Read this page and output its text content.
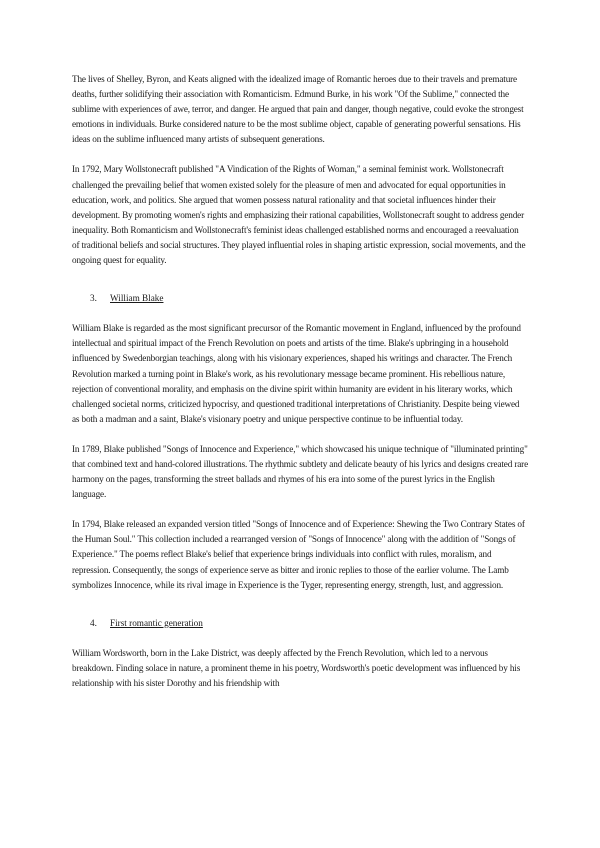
The lives of Shelley, Byron, and Keats aligned with the idealized image of Romantic heroes due to their travels and premature deaths, further solidifying their association with Romanticism. Edmund Burke, in his work "Of the Sublime," connected the sublime with experiences of awe, terror, and danger. He argued that pain and danger, though negative, could evoke the strongest emotions in individuals. Burke considered nature to be the most sublime object, capable of generating powerful sensations. His ideas on the sublime influenced many artists of subsequent generations.

In 1792, Mary Wollstonecraft published "A Vindication of the Rights of Woman," a seminal feminist work. Wollstonecraft challenged the prevailing belief that women existed solely for the pleasure of men and advocated for equal opportunities in education, work, and politics. She argued that women possess natural rationality and that societal influences hinder their development. By promoting women's rights and emphasizing their rational capabilities, Wollstonecraft sought to address gender inequality. Both Romanticism and Wollstonecraft's feminist ideas challenged established norms and encouraged a reevaluation of traditional beliefs and social structures. They played influential roles in shaping artistic expression, social movements, and the ongoing quest for equality.

3.	William Blake

William Blake is regarded as the most significant precursor of the Romantic movement in England, influenced by the profound intellectual and spiritual impact of the French Revolution on poets and artists of the time. Blake's upbringing in a household influenced by Swedenborgian teachings, along with his visionary experiences, shaped his writings and character. The French Revolution marked a turning point in Blake's work, as his revolutionary message became prominent. His rebellious nature, rejection of conventional morality, and emphasis on the divine spirit within humanity are evident in his literary works, which challenged societal norms, criticized hypocrisy, and questioned traditional interpretations of Christianity. Despite being viewed as both a madman and a saint, Blake's visionary poetry and unique perspective continue to be influential today.

In 1789, Blake published "Songs of Innocence and Experience," which showcased his unique technique of "illuminated printing" that combined text and hand-colored illustrations. The rhythmic subtlety and delicate beauty of his lyrics and designs created rare harmony on the pages, transforming the street ballads and rhymes of his era into some of the purest lyrics in the English language.

In 1794, Blake released an expanded version titled "Songs of Innocence and of Experience: Shewing the Two Contrary States of the Human Soul." This collection included a rearranged version of "Songs of Innocence" along with the addition of "Songs of Experience." The poems reflect Blake's belief that experience brings individuals into conflict with rules, moralism, and repression. Consequently, the songs of experience serve as bitter and ironic replies to those of the earlier volume. The Lamb symbolizes Innocence, while its rival image in Experience is the Tyger, representing energy, strength, lust, and aggression.

4.	First romantic generation

William Wordsworth, born in the Lake District, was deeply affected by the French Revolution, which led to a nervous breakdown. Finding solace in nature, a prominent theme in his poetry, Wordsworth's poetic development was influenced by his relationship with his sister Dorothy and his friendship with
